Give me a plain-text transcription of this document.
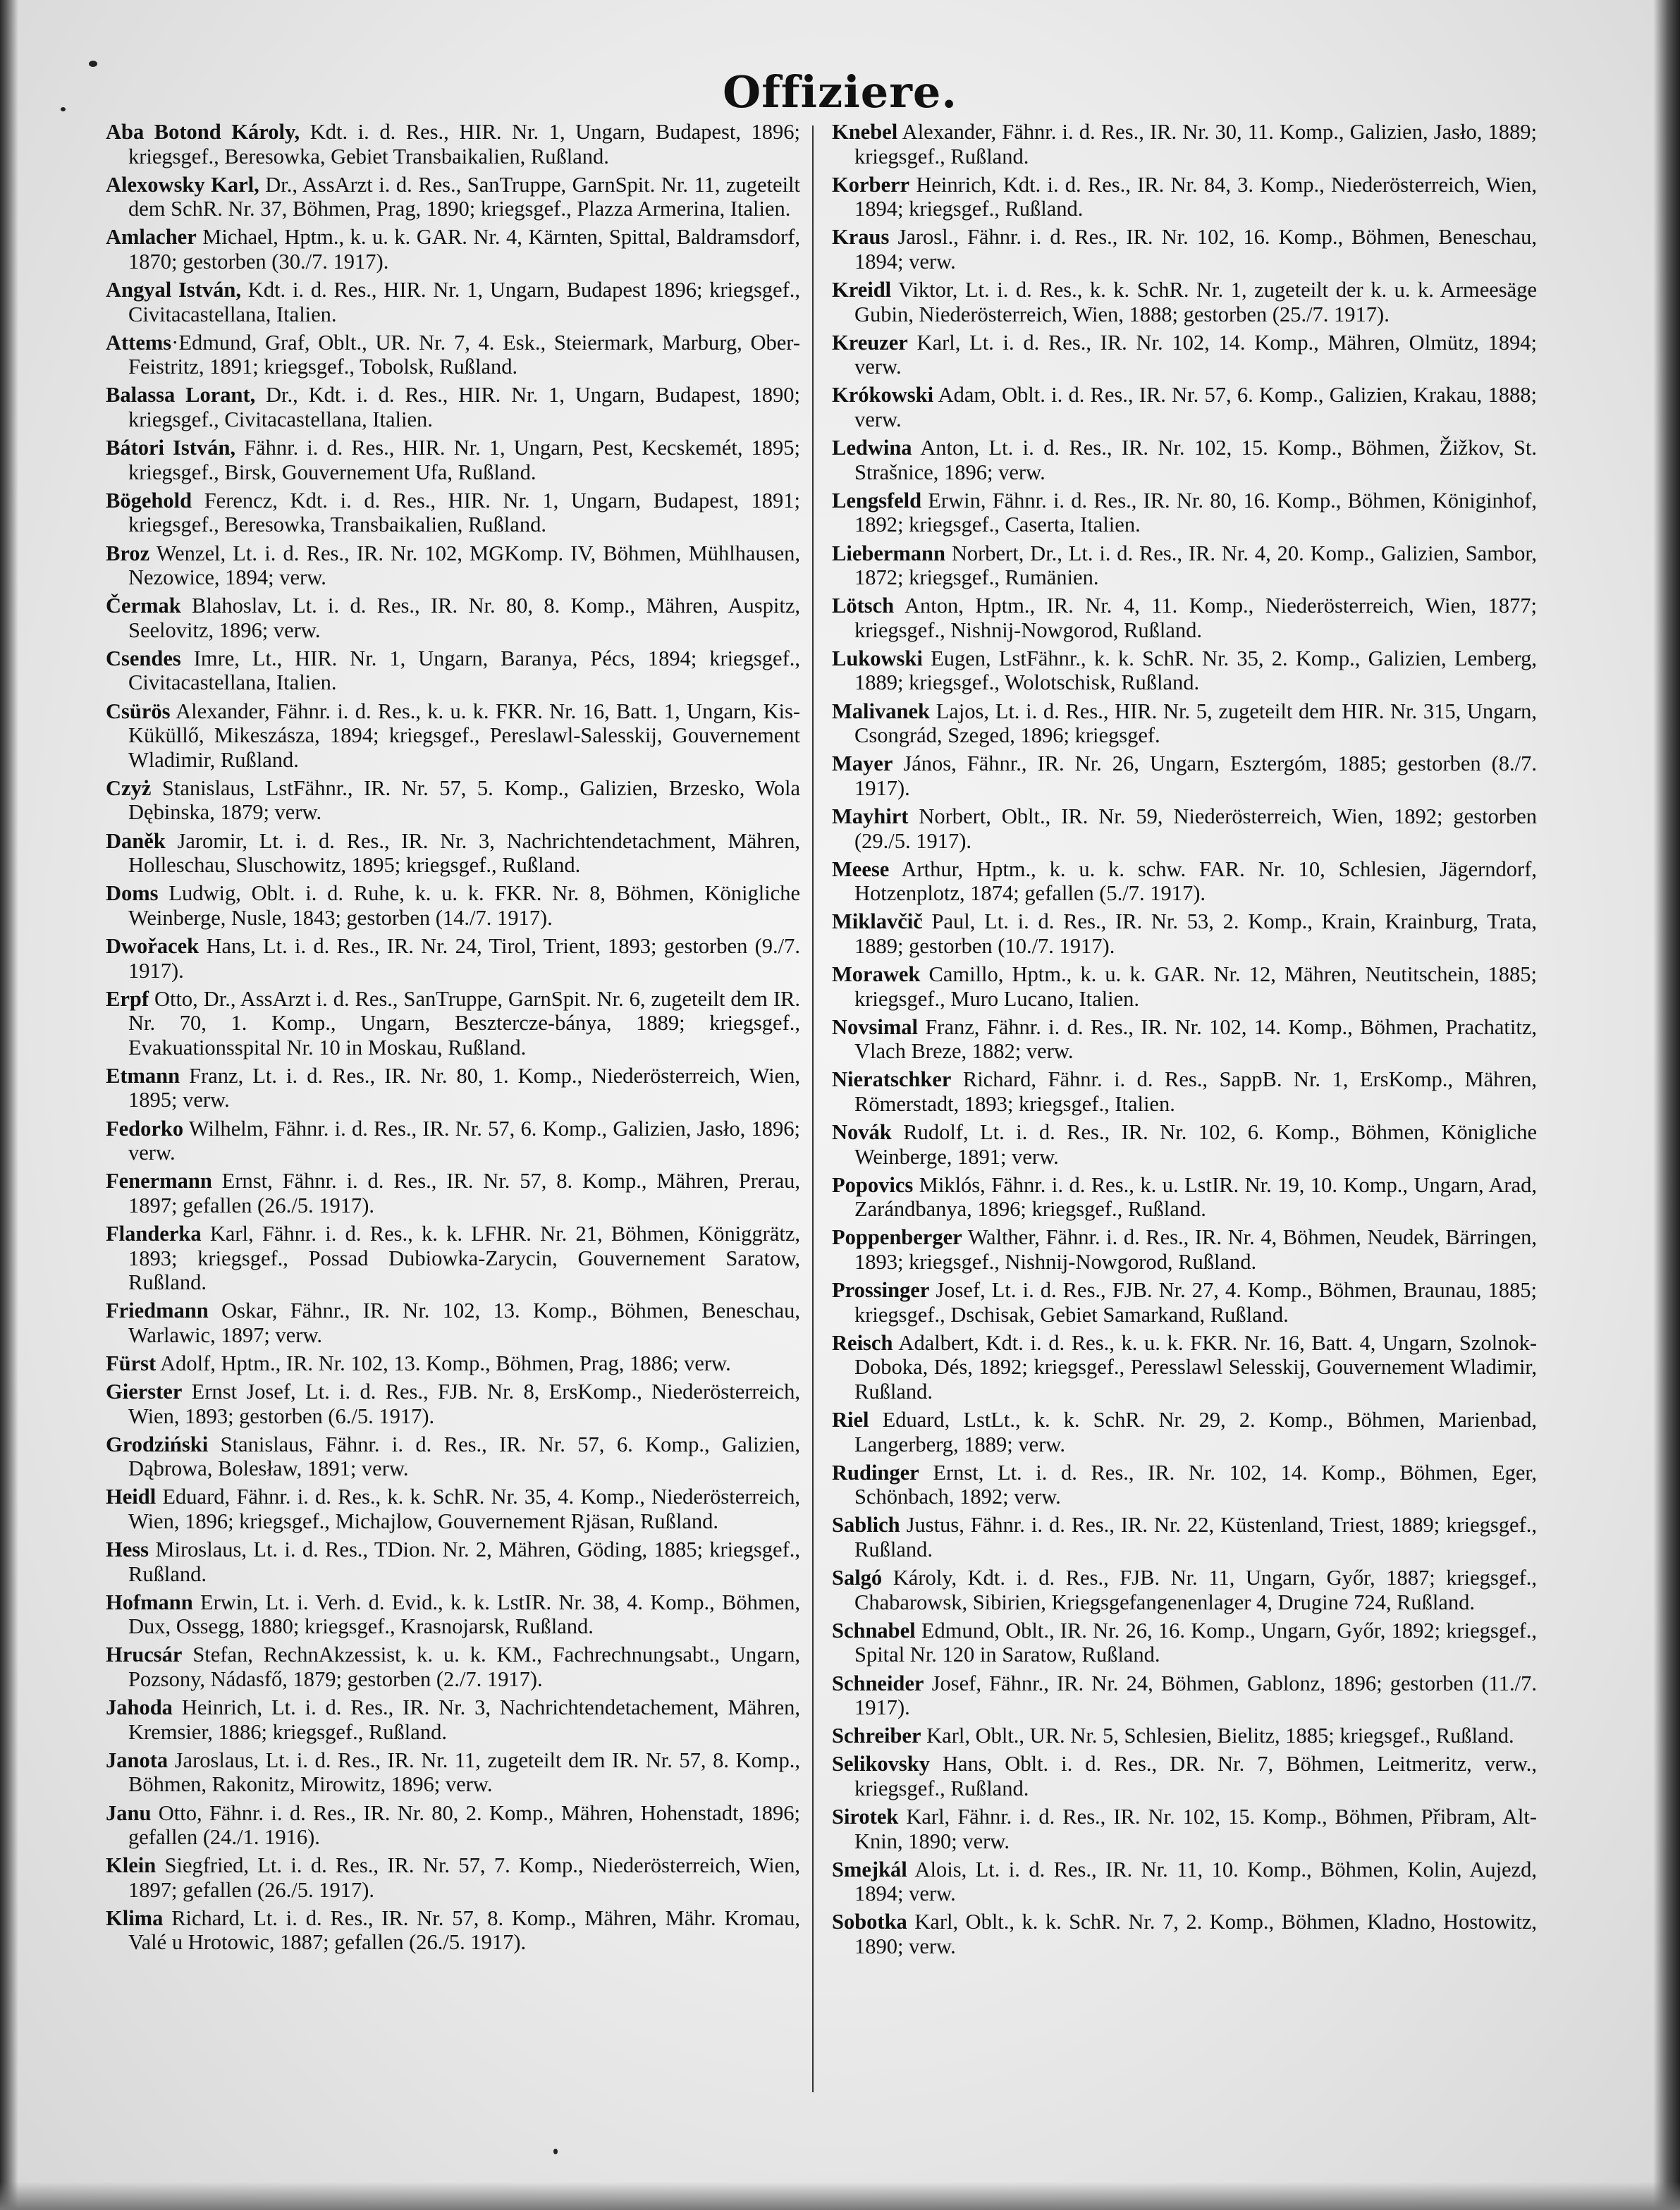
Offiziere.

Aba Botond Károly, Kdt. i. d. Res., HIR. Nr. 1, Ungarn, Budapest, 1896; kriegsgef., Beresowka, Gebiet Transbaikalien, Rußland.

Alexowsky Karl, Dr., AssArzt i. d. Res., SanTruppe, GarnSpit. Nr. 11, zugeteilt dem SchR. Nr. 37, Böhmen, Prag, 1890; kriegsgef., Plazza Armerina, Italien.

Amlacher Michael, Hptm., k. u. k. GAR. Nr. 4, Kärnten, Spittal, Baldramsdorf, 1870; gestorben (30./7. 1917).

Angyal István, Kdt. i. d. Res., HIR. Nr. 1, Ungarn, Budapest 1896; kriegsgef., Civitacastellana, Italien.

Attems·Edmund, Graf, Oblt., UR. Nr. 7, 4. Esk., Steiermark, Marburg, Ober-Feistritz, 1891; kriegsgef., Tobolsk, Rußland.

Balassa Lorant, Dr., Kdt. i. d. Res., HIR. Nr. 1, Ungarn, Budapest, 1890; kriegsgef., Civitacastellana, Italien.

Bátori István, Fähnr. i. d. Res., HIR. Nr. 1, Ungarn, Pest, Kecskemét, 1895; kriegsgef., Birsk, Gouvernement Ufa, Rußland.

Bögehold Ferencz, Kdt. i. d. Res., HIR. Nr. 1, Ungarn, Budapest, 1891; kriegsgef., Beresowka, Transbaikalien, Rußland.

Broz Wenzel, Lt. i. d. Res., IR. Nr. 102, MGKomp. IV, Böhmen, Mühlhausen, Nezowice, 1894; verw.

Čermak Blahoslav, Lt. i. d. Res., IR. Nr. 80, 8. Komp., Mähren, Auspitz, Seelovitz, 1896; verw.

Csendes Imre, Lt., HIR. Nr. 1, Ungarn, Baranya, Pécs, 1894; kriegsgef., Civitacastellana, Italien.

Csürös Alexander, Fähnr. i. d. Res., k. u. k. FKR. Nr. 16, Batt. 1, Ungarn, Kis-Küküllő, Mikeszásza, 1894; kriegsgef., Pereslawl-Salesskij, Gouvernement Wladimir, Rußland.

Czyż Stanislaus, LstFähnr., IR. Nr. 57, 5. Komp., Galizien, Brzesko, Wola Dębinska, 1879; verw.

Daněk Jaromir, Lt. i. d. Res., IR. Nr. 3, Nachrichtendetachment, Mähren, Holleschau, Sluschowitz, 1895; kriegsgef., Rußland.

Doms Ludwig, Oblt. i. d. Ruhe, k. u. k. FKR. Nr. 8, Böhmen, Königliche Weinberge, Nusle, 1843; gestorben (14./7. 1917).

Dwořacek Hans, Lt. i. d. Res., IR. Nr. 24, Tirol, Trient, 1893; gestorben (9./7. 1917).

Erpf Otto, Dr., AssArzt i. d. Res., SanTruppe, GarnSpit. Nr. 6, zugeteilt dem IR. Nr. 70, 1. Komp., Ungarn, Besztercze-bánya, 1889; kriegsgef., Evakuationsspital Nr. 10 in Moskau, Rußland.

Etmann Franz, Lt. i. d. Res., IR. Nr. 80, 1. Komp., Niederösterreich, Wien, 1895; verw.

Fedorko Wilhelm, Fähnr. i. d. Res., IR. Nr. 57, 6. Komp., Galizien, Jasło, 1896; verw.

Fenermann Ernst, Fähnr. i. d. Res., IR. Nr. 57, 8. Komp., Mähren, Prerau, 1897; gefallen (26./5. 1917).

Flanderka Karl, Fähnr. i. d. Res., k. k. LFHR. Nr. 21, Böhmen, Königgrätz, 1893; kriegsgef., Possad Dubiowka-Zarycin, Gouvernement Saratow, Rußland.

Friedmann Oskar, Fähnr., IR. Nr. 102, 13. Komp., Böhmen, Beneschau, Warlawic, 1897; verw.

Fürst Adolf, Hptm., IR. Nr. 102, 13. Komp., Böhmen, Prag, 1886; verw.

Gierster Ernst Josef, Lt. i. d. Res., FJB. Nr. 8, ErsKomp., Niederösterreich, Wien, 1893; gestorben (6./5. 1917).

Grodziński Stanislaus, Fähnr. i. d. Res., IR. Nr. 57, 6. Komp., Galizien, Dąbrowa, Bolesław, 1891; verw.

Heidl Eduard, Fähnr. i. d. Res., k. k. SchR. Nr. 35, 4. Komp., Niederösterreich, Wien, 1896; kriegsgef., Michajlow, Gouvernement Rjäsan, Rußland.

Hess Miroslaus, Lt. i. d. Res., TDion. Nr. 2, Mähren, Göding, 1885; kriegsgef., Rußland.

Hofmann Erwin, Lt. i. Verh. d. Evid., k. k. LstIR. Nr. 38, 4. Komp., Böhmen, Dux, Ossegg, 1880; kriegsgef., Krasnojarsk, Rußland.

Hrucsár Stefan, RechnAkzessist, k. u. k. KM., Fachrechnungsabt., Ungarn, Pozsony, Nádasfő, 1879; gestorben (2./7. 1917).

Jahoda Heinrich, Lt. i. d. Res., IR. Nr. 3, Nachrichtendetachement, Mähren, Kremsier, 1886; kriegsgef., Rußland.

Janota Jaroslaus, Lt. i. d. Res., IR. Nr. 11, zugeteilt dem IR. Nr. 57, 8. Komp., Böhmen, Rakonitz, Mirowitz, 1896; verw.

Janu Otto, Fähnr. i. d. Res., IR. Nr. 80, 2. Komp., Mähren, Hohenstadt, 1896; gefallen (24./1. 1916).

Klein Siegfried, Lt. i. d. Res., IR. Nr. 57, 7. Komp., Niederösterreich, Wien, 1897; gefallen (26./5. 1917).

Klima Richard, Lt. i. d. Res., IR. Nr. 57, 8. Komp., Mähren, Mähr. Kromau, Valé u Hrotowic, 1887; gefallen (26./5. 1917).

Knebel Alexander, Fähnr. i. d. Res., IR. Nr. 30, 11. Komp., Galizien, Jasło, 1889; kriegsgef., Rußland.

Korberr Heinrich, Kdt. i. d. Res., IR. Nr. 84, 3. Komp., Niederösterreich, Wien, 1894; kriegsgef., Rußland.

Kraus Jarosl., Fähnr. i. d. Res., IR. Nr. 102, 16. Komp., Böhmen, Beneschau, 1894; verw.

Kreidl Viktor, Lt. i. d. Res., k. k. SchR. Nr. 1, zugeteilt der k. u. k. Armeesäge Gubin, Niederösterreich, Wien, 1888; gestorben (25./7. 1917).

Kreuzer Karl, Lt. i. d. Res., IR. Nr. 102, 14. Komp., Mähren, Olmütz, 1894; verw.

Krókowski Adam, Oblt. i. d. Res., IR. Nr. 57, 6. Komp., Galizien, Krakau, 1888; verw.

Ledwina Anton, Lt. i. d. Res., IR. Nr. 102, 15. Komp., Böhmen, Žižkov, St. Strašnice, 1896; verw.

Lengsfeld Erwin, Fähnr. i. d. Res., IR. Nr. 80, 16. Komp., Böhmen, Königinhof, 1892; kriegsgef., Caserta, Italien.

Liebermann Norbert, Dr., Lt. i. d. Res., IR. Nr. 4, 20. Komp., Galizien, Sambor, 1872; kriegsgef., Rumänien.

Lötsch Anton, Hptm., IR. Nr. 4, 11. Komp., Niederösterreich, Wien, 1877; kriegsgef., Nishnij-Nowgorod, Rußland.

Lukowski Eugen, LstFähnr., k. k. SchR. Nr. 35, 2. Komp., Galizien, Lemberg, 1889; kriegsgef., Wolotschisk, Rußland.

Malivanek Lajos, Lt. i. d. Res., HIR. Nr. 5, zugeteilt dem HIR. Nr. 315, Ungarn, Csongrád, Szeged, 1896; kriegsgef.

Mayer János, Fähnr., IR. Nr. 26, Ungarn, Esztergóm, 1885; gestorben (8./7. 1917).

Mayhirt Norbert, Oblt., IR. Nr. 59, Niederösterreich, Wien, 1892; gestorben (29./5. 1917).

Meese Arthur, Hptm., k. u. k. schw. FAR. Nr. 10, Schlesien, Jägerndorf, Hotzenplotz, 1874; gefallen (5./7. 1917).

Miklavčič Paul, Lt. i. d. Res., IR. Nr. 53, 2. Komp., Krain, Krainburg, Trata, 1889; gestorben (10./7. 1917).

Morawek Camillo, Hptm., k. u. k. GAR. Nr. 12, Mähren, Neutitschein, 1885; kriegsgef., Muro Lucano, Italien.

Novsimal Franz, Fähnr. i. d. Res., IR. Nr. 102, 14. Komp., Böhmen, Prachatitz, Vlach Breze, 1882; verw.

Nieratschker Richard, Fähnr. i. d. Res., SappB. Nr. 1, ErsKomp., Mähren, Römerstadt, 1893; kriegsgef., Italien.

Novák Rudolf, Lt. i. d. Res., IR. Nr. 102, 6. Komp., Böhmen, Königliche Weinberge, 1891; verw.

Popovics Miklós, Fähnr. i. d. Res., k. u. LstIR. Nr. 19, 10. Komp., Ungarn, Arad, Zarándbanya, 1896; kriegsgef., Rußland.

Poppenberger Walther, Fähnr. i. d. Res., IR. Nr. 4, Böhmen, Neudek, Bärringen, 1893; kriegsgef., Nishnij-Nowgorod, Rußland.

Prossinger Josef, Lt. i. d. Res., FJB. Nr. 27, 4. Komp., Böhmen, Braunau, 1885; kriegsgef., Dschisak, Gebiet Samarkand, Rußland.

Reisch Adalbert, Kdt. i. d. Res., k. u. k. FKR. Nr. 16, Batt. 4, Ungarn, Szolnok-Doboka, Dés, 1892; kriegsgef., Peresslawl Selesskij, Gouvernement Wladimir, Rußland.

Riel Eduard, LstLt., k. k. SchR. Nr. 29, 2. Komp., Böhmen, Marienbad, Langerberg, 1889; verw.

Rudinger Ernst, Lt. i. d. Res., IR. Nr. 102, 14. Komp., Böhmen, Eger, Schönbach, 1892; verw.

Sablich Justus, Fähnr. i. d. Res., IR. Nr. 22, Küstenland, Triest, 1889; kriegsgef., Rußland.

Salgó Károly, Kdt. i. d. Res., FJB. Nr. 11, Ungarn, Győr, 1887; kriegsgef., Chabarowsk, Sibirien, Kriegsgefangenenlager 4, Drugine 724, Rußland.

Schnabel Edmund, Oblt., IR. Nr. 26, 16. Komp., Ungarn, Győr, 1892; kriegsgef., Spital Nr. 120 in Saratow, Rußland.

Schneider Josef, Fähnr., IR. Nr. 24, Böhmen, Gablonz, 1896; gestorben (11./7. 1917).

Schreiber Karl, Oblt., UR. Nr. 5, Schlesien, Bielitz, 1885; kriegsgef., Rußland.

Selikovsky Hans, Oblt. i. d. Res., DR. Nr. 7, Böhmen, Leitmeritz, verw., kriegsgef., Rußland.

Sirotek Karl, Fähnr. i. d. Res., IR. Nr. 102, 15. Komp., Böhmen, Přibram, Alt-Knin, 1890; verw.

Smejkál Alois, Lt. i. d. Res., IR. Nr. 11, 10. Komp., Böhmen, Kolin, Aujezd, 1894; verw.

Sobotka Karl, Oblt., k. k. SchR. Nr. 7, 2. Komp., Böhmen, Kladno, Hostowitz, 1890; verw.
